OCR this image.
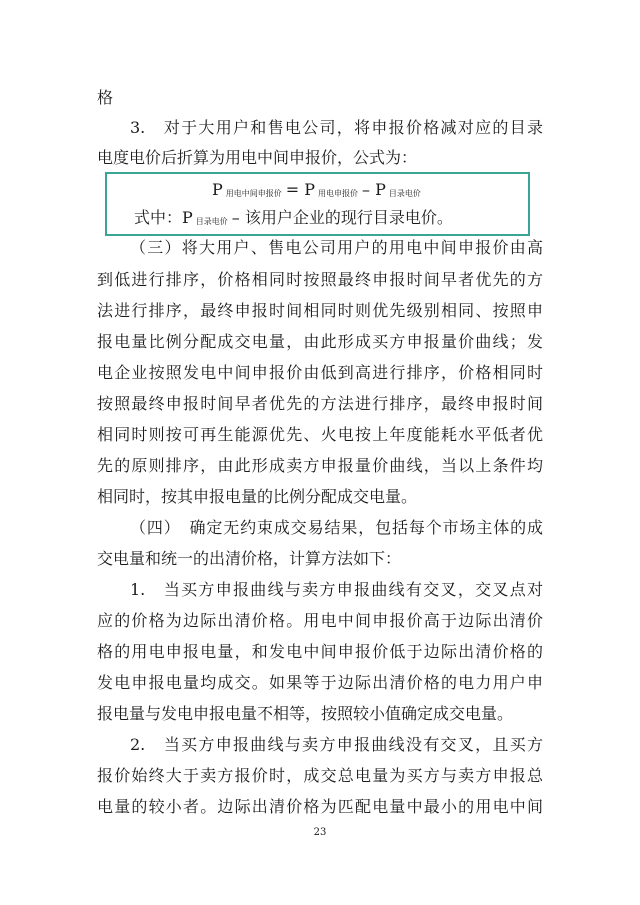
格
3.　对于大用户和售电公司，将申报价格减对应的目录
电度电价后折算为用电中间申报价，公式为：
P用电中间申报价 = P 用电申报价 – P 目录电价
式中：P 目录电价 – 该用户企业的现行目录电价。
（三）将大用户、售电公司用户的用电中间申报价由高
到低进行排序，价格相同时按照最终申报时间早者优先的方
法进行排序，最终申报时间相同时则优先级别相同、按照申
报电量比例分配成交电量，由此形成买方申报量价曲线；发
电企业按照发电中间申报价由低到高进行排序，价格相同时
按照最终申报时间早者优先的方法进行排序，最终申报时间
相同时则按可再生能源优先、火电按上年度能耗水平低者优
先的原则排序，由此形成卖方申报量价曲线，当以上条件均
相同时，按其申报电量的比例分配成交电量。
（四）　确定无约束成交易结果，包括每个市场主体的成
交电量和统一的出清价格，计算方法如下：
1.　当买方申报曲线与卖方申报曲线有交叉，交叉点对
应的价格为边际出清价格。用电中间申报价高于边际出清价
格的用电申报电量，和发电中间申报价低于边际出清价格的
发电申报电量均成交。如果等于边际出清价格的电力用户申
报电量与发电申报电量不相等，按照较小值确定成交电量。
2.　当买方申报曲线与卖方申报曲线没有交叉，且买方
报价始终大于卖方报价时，成交总电量为买方与卖方申报总
电量的较小者。边际出清价格为匹配电量中最小的用电中间
23
